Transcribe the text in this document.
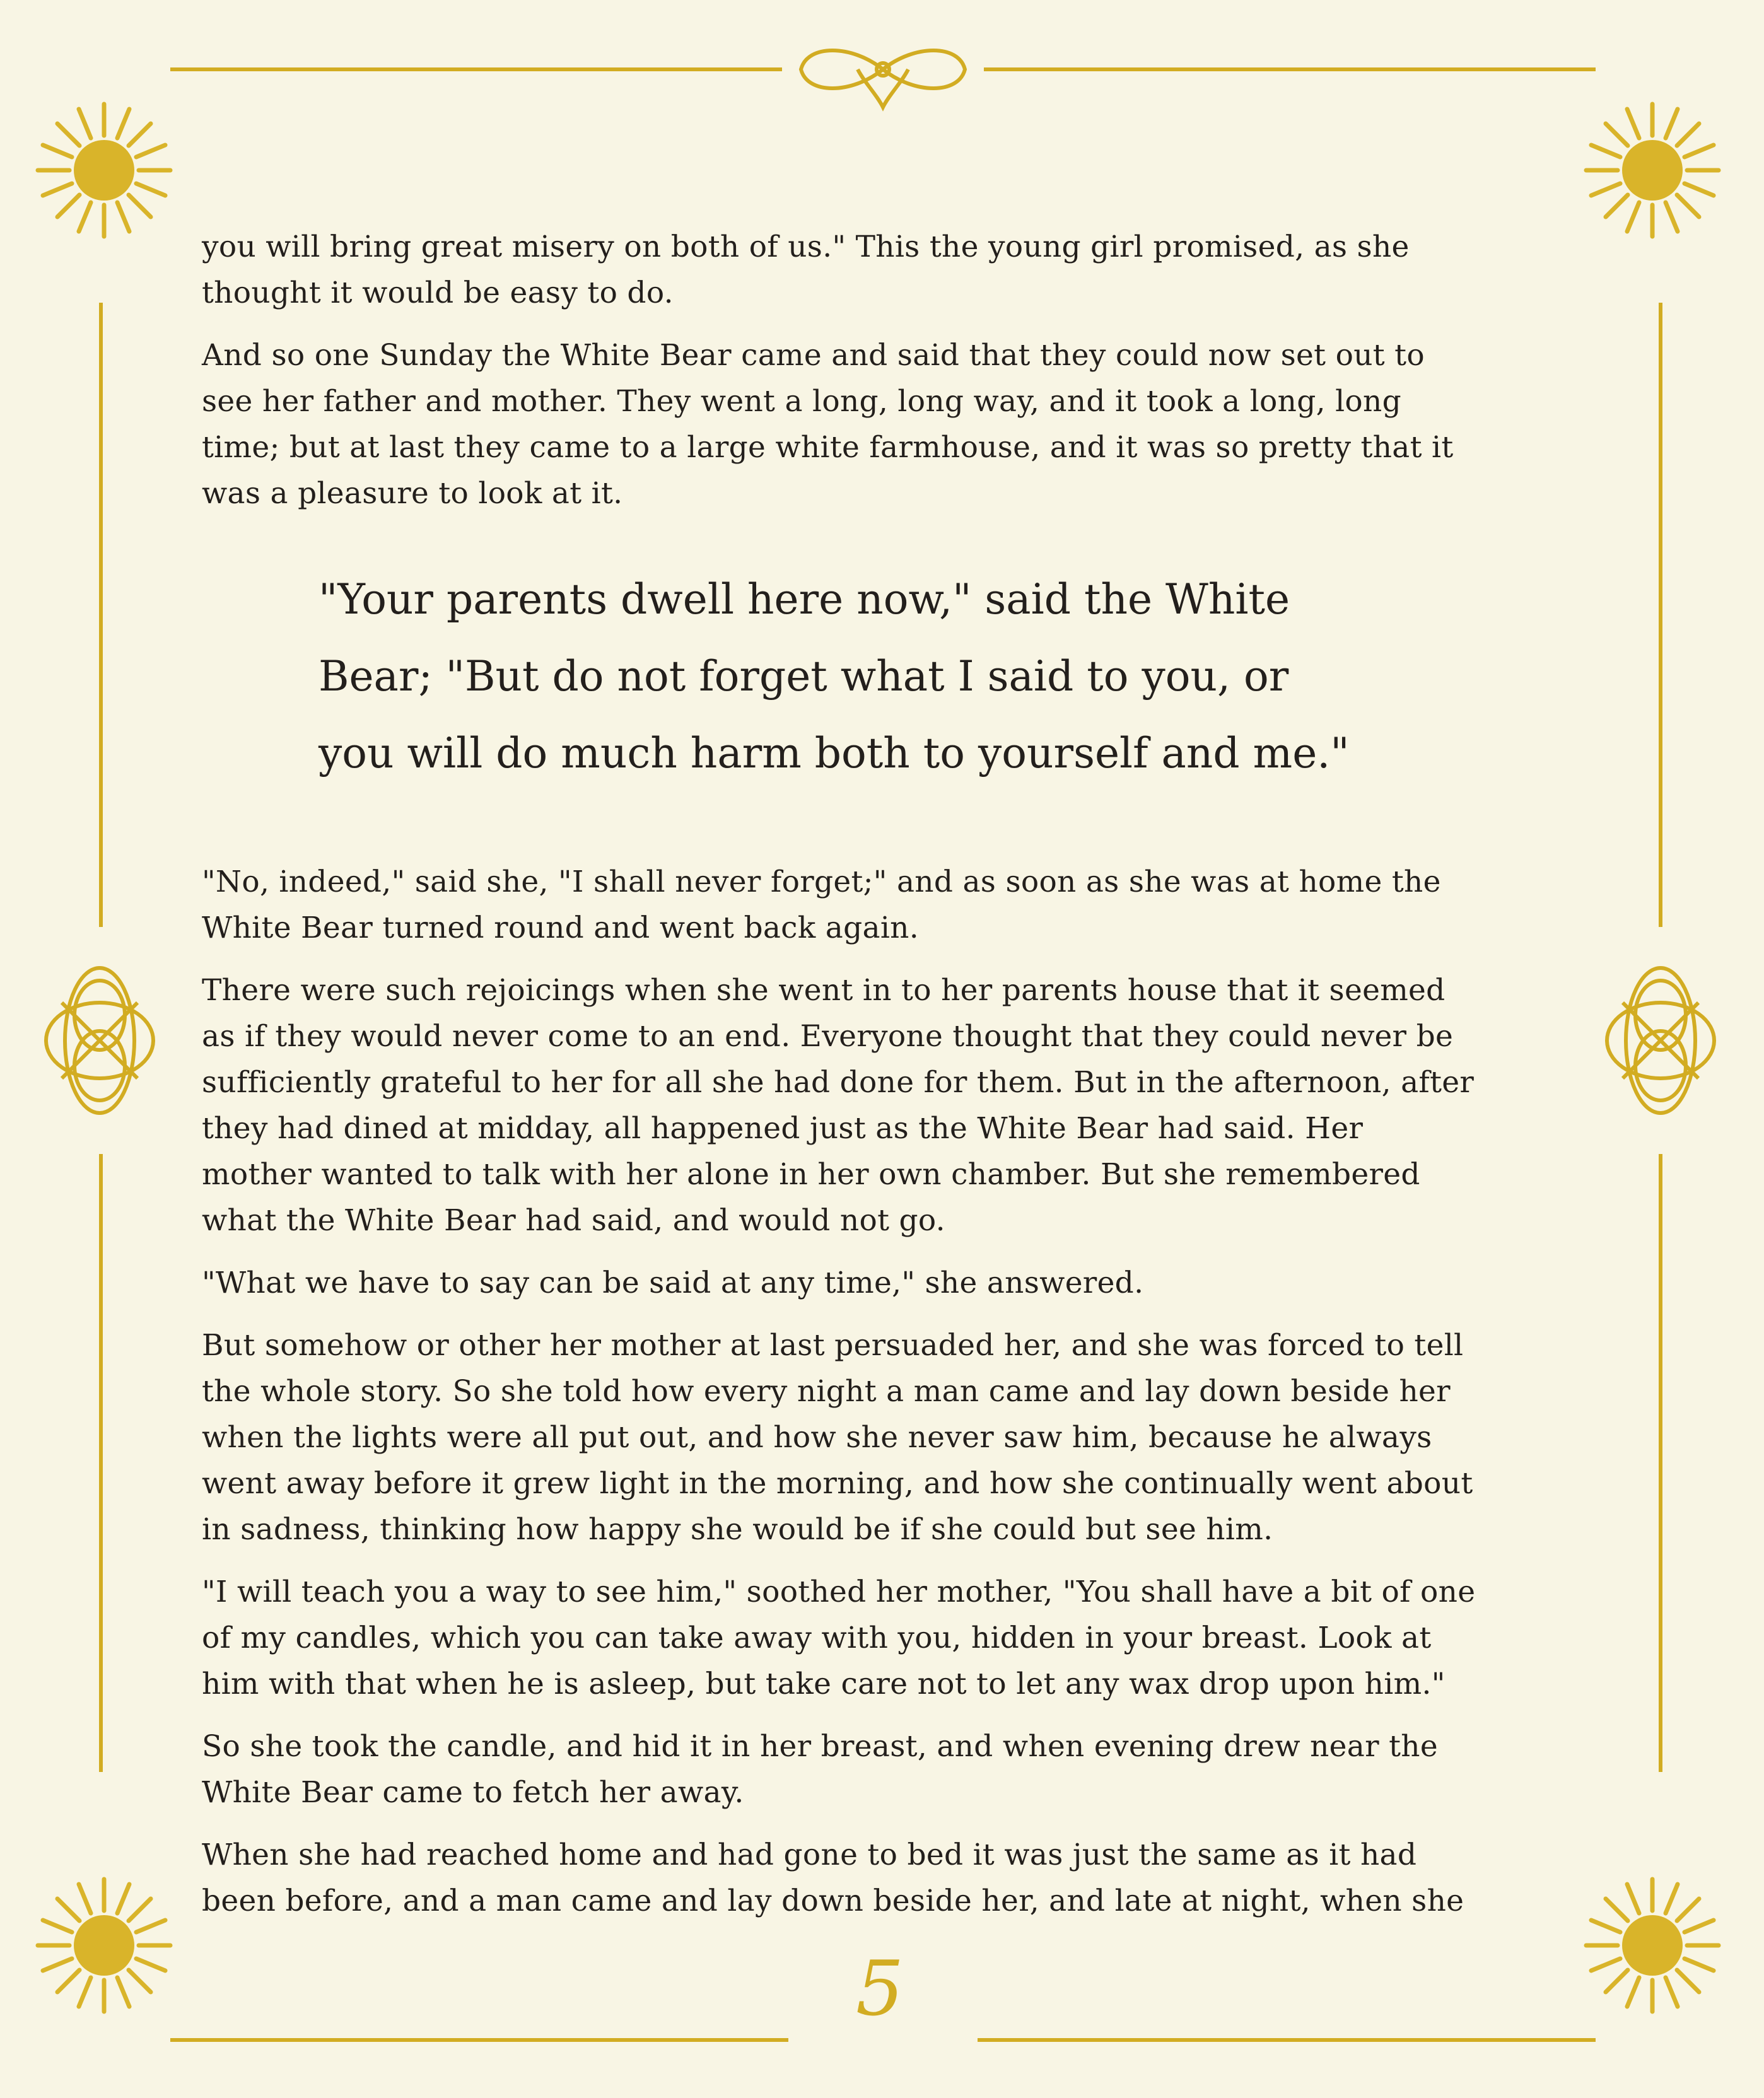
you will bring great misery on both of us." This the young girl promised, as she thought it would be easy to do.

And so one Sunday the White Bear came and said that they could now set out to see her father and mother. They went a long, long way, and it took a long, long time; but at last they came to a large white farmhouse, and it was so pretty that it was a pleasure to look at it.

"Your parents dwell here now," said the White Bear; "But do not forget what I said to you, or you will do much harm both to yourself and me."

"No, indeed," said she, "I shall never forget;" and as soon as she was at home the White Bear turned round and went back again.

There were such rejoicings when she went in to her parents house that it seemed as if they would never come to an end. Everyone thought that they could never be sufficiently grateful to her for all she had done for them. But in the afternoon, after they had dined at midday, all happened just as the White Bear had said. Her mother wanted to talk with her alone in her own chamber. But she remembered what the White Bear had said, and would not go.

"What we have to say can be said at any time," she answered.

But somehow or other her mother at last persuaded her, and she was forced to tell the whole story. So she told how every night a man came and lay down beside her when the lights were all put out, and how she never saw him, because he always went away before it grew light in the morning, and how she continually went about in sadness, thinking how happy she would be if she could but see him.

"I will teach you a way to see him," soothed her mother, "You shall have a bit of one of my candles, which you can take away with you, hidden in your breast. Look at him with that when he is asleep, but take care not to let any wax drop upon him."

So she took the candle, and hid it in her breast, and when evening drew near the White Bear came to fetch her away.

When she had reached home and had gone to bed it was just the same as it had been before, and a man came and lay down beside her, and late at night, when she

5
